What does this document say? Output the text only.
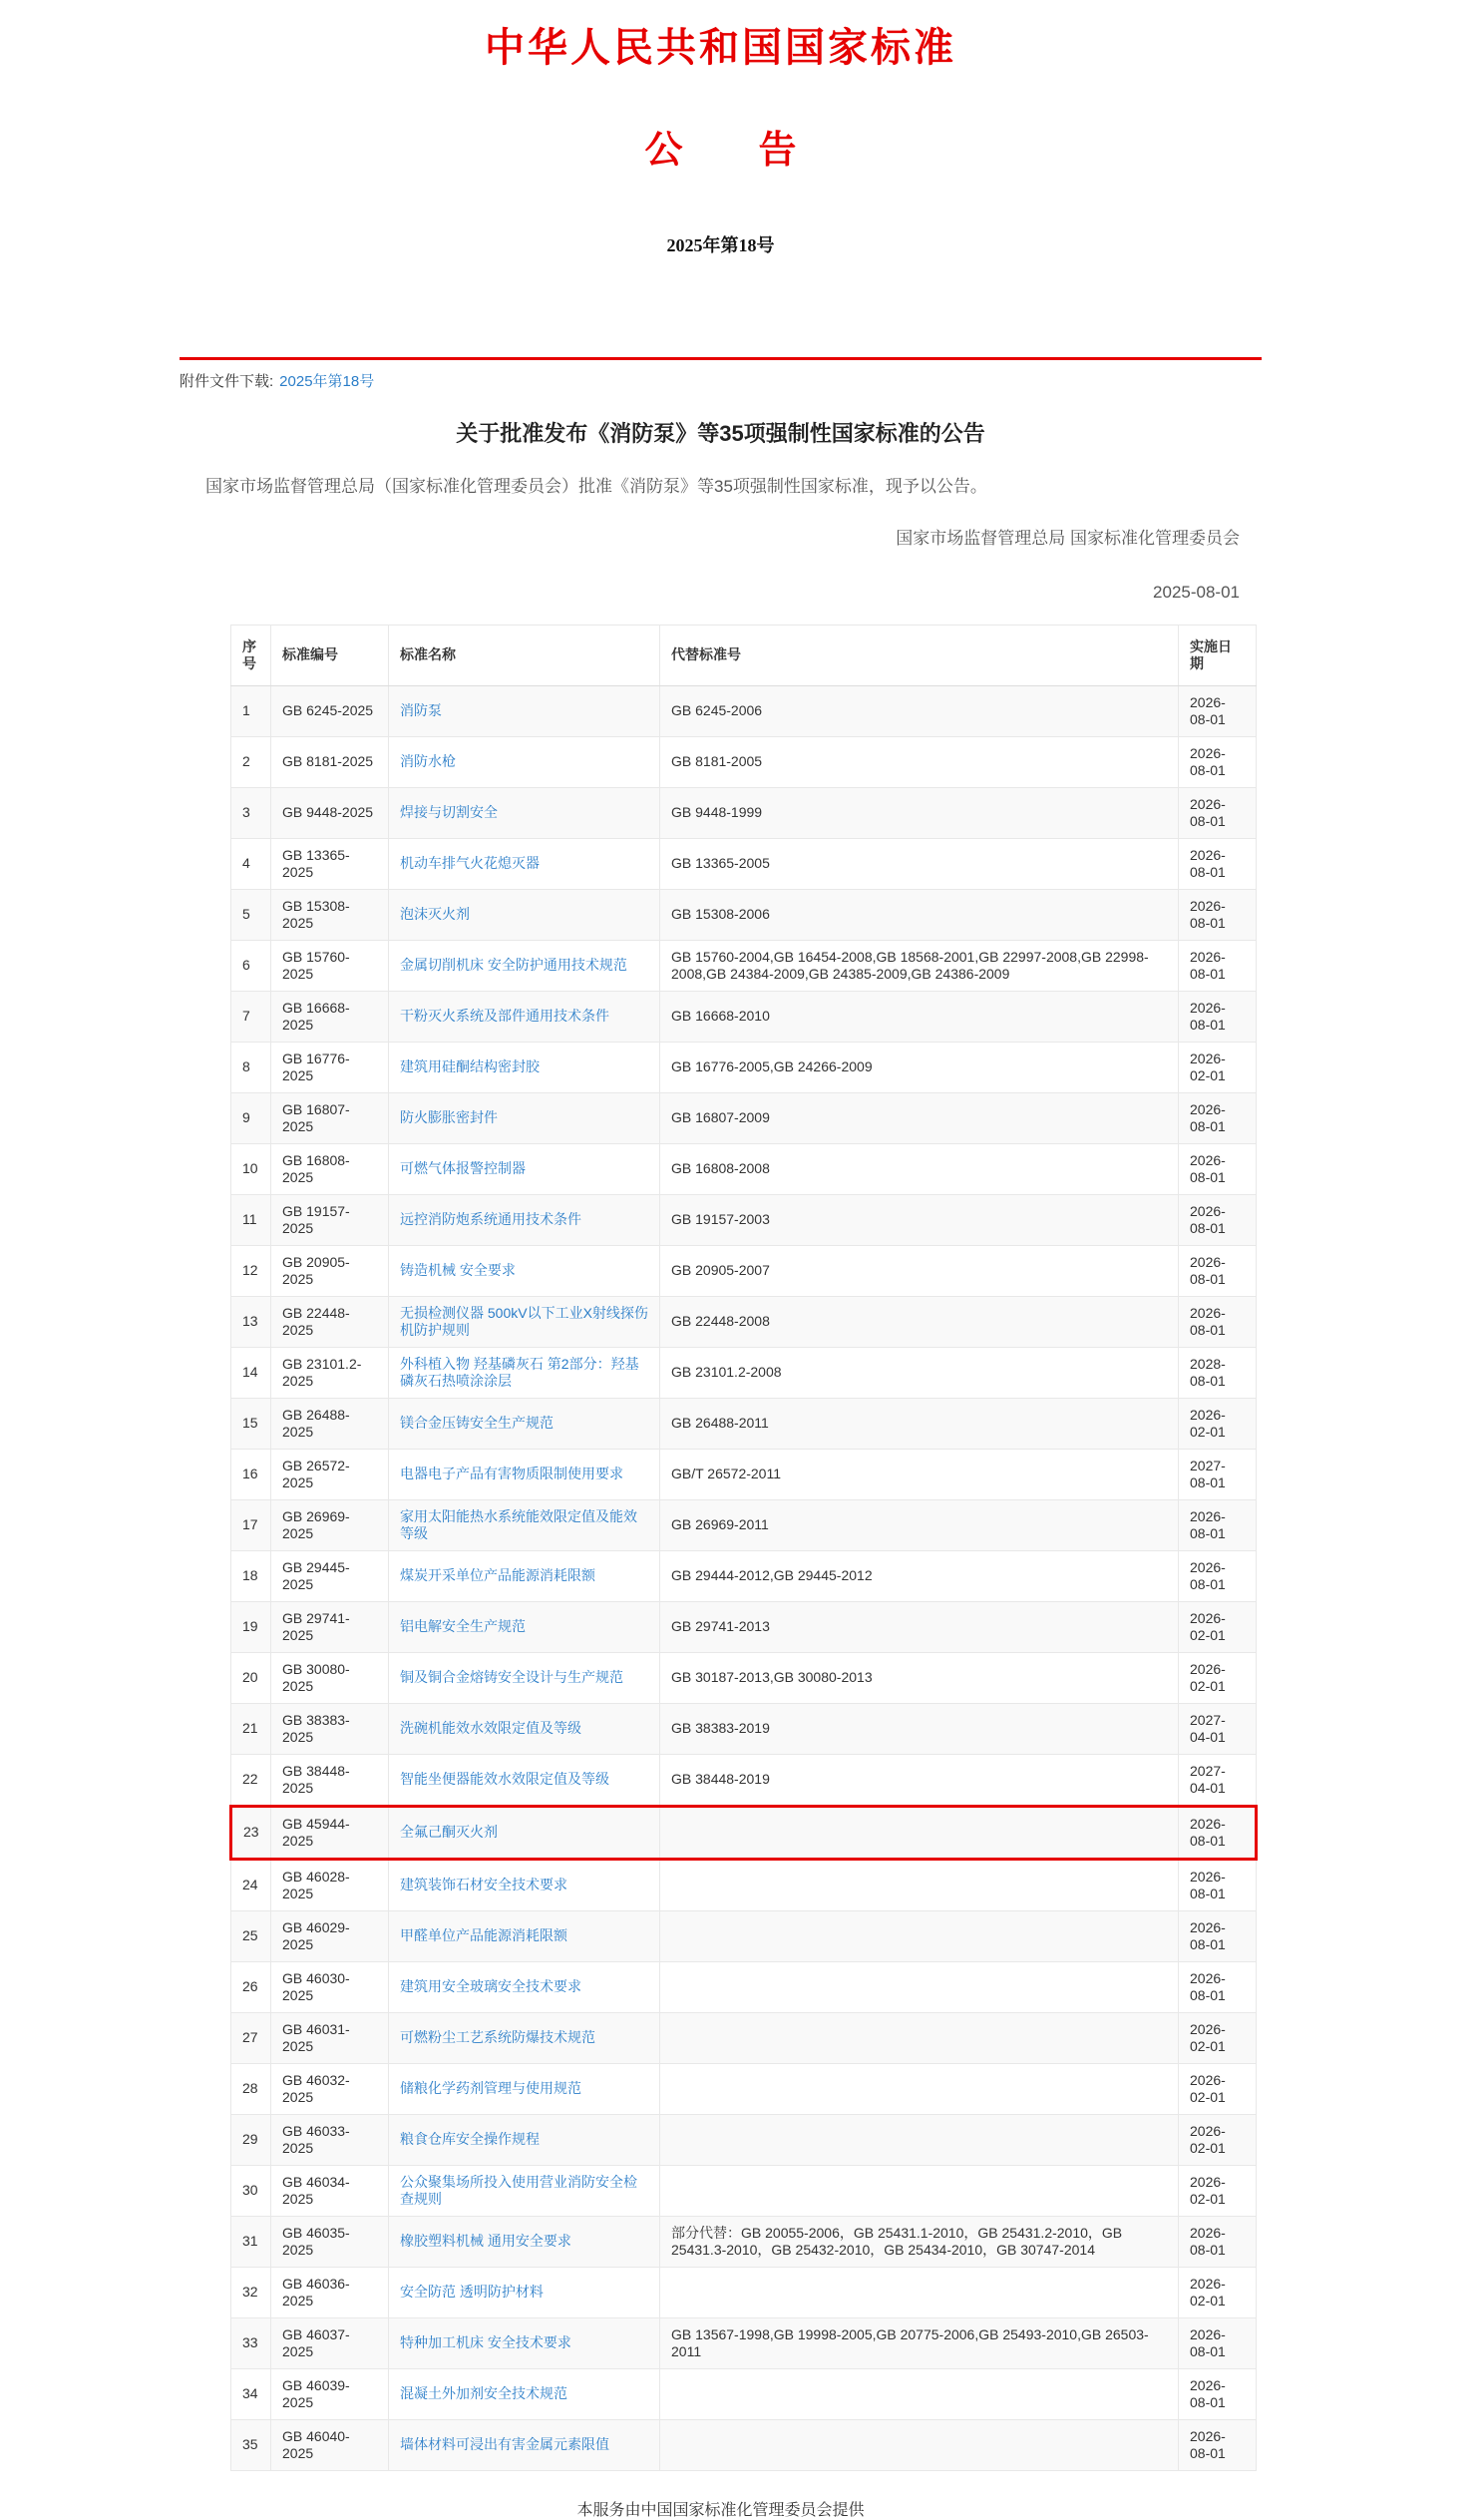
中华人民共和国国家标准
公　　告
2025年第18号
附件文件下载: 2025年第18号
关于批准发布《消防泵》等35项强制性国家标准的公告
国家市场监督管理总局（国家标准化管理委员会）批准《消防泵》等35项强制性国家标准，现予以公告。
国家市场监督管理总局 国家标准化管理委员会
2025-08-01
序号	标准编号	标准名称	代替标准号	实施日期
1	GB 6245-2025	消防泵	GB 6245-2006	2026-08-01
2	GB 8181-2025	消防水枪	GB 8181-2005	2026-08-01
3	GB 9448-2025	焊接与切割安全	GB 9448-1999	2026-08-01
4	GB 13365-2025	机动车排气火花熄灭器	GB 13365-2005	2026-08-01
5	GB 15308-2025	泡沫灭火剂	GB 15308-2006	2026-08-01
6	GB 15760-2025	金属切削机床 安全防护通用技术规范	GB 15760-2004,GB 16454-2008,GB 18568-2001,GB 22997-2008,GB 22998-2008,GB 24384-2009,GB 24385-2009,GB 24386-2009	2026-08-01
7	GB 16668-2025	干粉灭火系统及部件通用技术条件	GB 16668-2010	2026-08-01
8	GB 16776-2025	建筑用硅酮结构密封胶	GB 16776-2005,GB 24266-2009	2026-02-01
9	GB 16807-2025	防火膨胀密封件	GB 16807-2009	2026-08-01
10	GB 16808-2025	可燃气体报警控制器	GB 16808-2008	2026-08-01
11	GB 19157-2025	远控消防炮系统通用技术条件	GB 19157-2003	2026-08-01
12	GB 20905-2025	铸造机械 安全要求	GB 20905-2007	2026-08-01
13	GB 22448-2025	无损检测仪器 500kV以下工业X射线探伤机防护规则	GB 22448-2008	2026-08-01
14	GB 23101.2-2025	外科植入物 羟基磷灰石 第2部分：羟基磷灰石热喷涂涂层	GB 23101.2-2008	2028-08-01
15	GB 26488-2025	镁合金压铸安全生产规范	GB 26488-2011	2026-02-01
16	GB 26572-2025	电器电子产品有害物质限制使用要求	GB/T 26572-2011	2027-08-01
17	GB 26969-2025	家用太阳能热水系统能效限定值及能效等级	GB 26969-2011	2026-08-01
18	GB 29445-2025	煤炭开采单位产品能源消耗限额	GB 29444-2012,GB 29445-2012	2026-08-01
19	GB 29741-2025	铝电解安全生产规范	GB 29741-2013	2026-02-01
20	GB 30080-2025	铜及铜合金熔铸安全设计与生产规范	GB 30187-2013,GB 30080-2013	2026-02-01
21	GB 38383-2025	洗碗机能效水效限定值及等级	GB 38383-2019	2027-04-01
22	GB 38448-2025	智能坐便器能效水效限定值及等级	GB 38448-2019	2027-04-01
23	GB 45944-2025	全氟己酮灭火剂		2026-08-01
24	GB 46028-2025	建筑装饰石材安全技术要求		2026-08-01
25	GB 46029-2025	甲醛单位产品能源消耗限额		2026-08-01
26	GB 46030-2025	建筑用安全玻璃安全技术要求		2026-08-01
27	GB 46031-2025	可燃粉尘工艺系统防爆技术规范		2026-02-01
28	GB 46032-2025	储粮化学药剂管理与使用规范		2026-02-01
29	GB 46033-2025	粮食仓库安全操作规程		2026-02-01
30	GB 46034-2025	公众聚集场所投入使用营业消防安全检查规则		2026-02-01
31	GB 46035-2025	橡胶塑料机械 通用安全要求	部分代替：GB 20055-2006，GB 25431.1-2010，GB 25431.2-2010，GB 25431.3-2010，GB 25432-2010，GB 25434-2010，GB 30747-2014	2026-08-01
32	GB 46036-2025	安全防范 透明防护材料		2026-02-01
33	GB 46037-2025	特种加工机床 安全技术要求	GB 13567-1998,GB 19998-2005,GB 20775-2006,GB 25493-2010,GB 26503-2011	2026-08-01
34	GB 46039-2025	混凝土外加剂安全技术规范		2026-08-01
35	GB 46040-2025	墙体材料可浸出有害金属元素限值		2026-08-01
本服务由中国国家标准化管理委员会提供
